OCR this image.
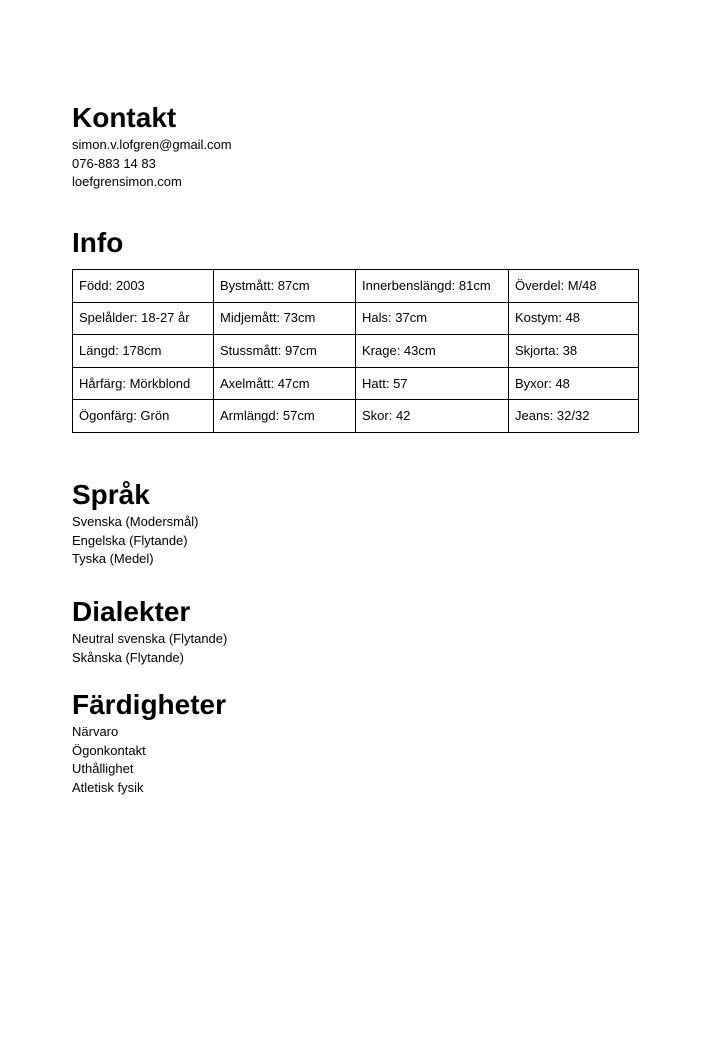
Kontakt
simon.v.lofgren@gmail.com
076-883 14 83
loefgrensimon.com
Info
Född: 2003	Bystmått: 87cm	Innerbenslängd: 81cm	Överdel: M/48
Spelålder: 18-27 år	Midjemått: 73cm	Hals: 37cm	Kostym: 48
Längd: 178cm	Stussmått: 97cm	Krage: 43cm	Skjorta: 38
Hårfärg: Mörkblond	Axelmått: 47cm	Hatt: 57	Byxor: 48
Ögonfärg: Grön	Armlängd: 57cm	Skor: 42	Jeans: 32/32
Språk
Svenska (Modersmål)
Engelska (Flytande)
Tyska (Medel)
Dialekter
Neutral svenska (Flytande)
Skånska (Flytande)
Färdigheter
Närvaro
Ögonkontakt
Uthållighet
Atletisk fysik
